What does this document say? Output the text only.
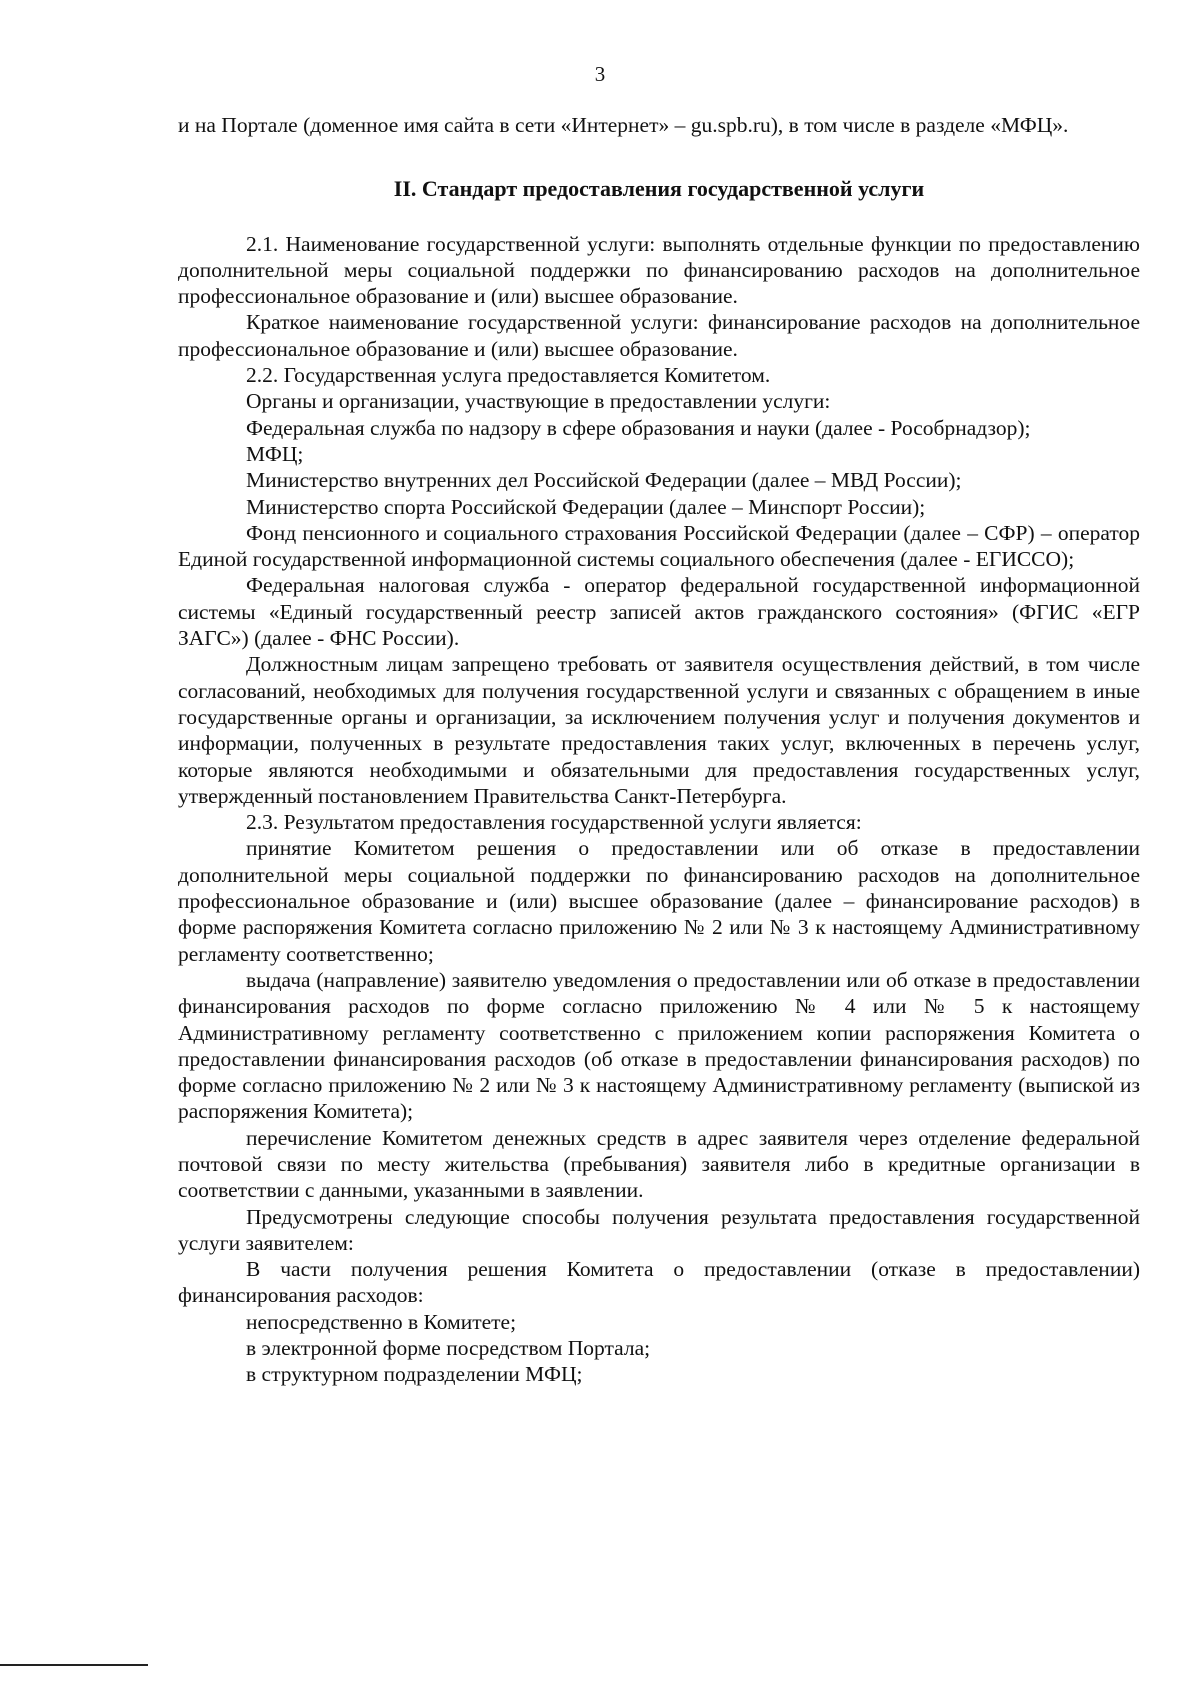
3

и на Портале (доменное имя сайта в сети «Интернет» – gu.spb.ru), в том числе в разделе «МФЦ».

II. Стандарт предоставления государственной услуги

2.1. Наименование государственной услуги: выполнять отдельные функции по предоставлению дополнительной меры социальной поддержки по финансированию расходов на дополнительное профессиональное образование и (или) высшее образование.

Краткое наименование государственной услуги: финансирование расходов на дополнительное профессиональное образование и (или) высшее образование.

2.2. Государственная услуга предоставляется Комитетом.

Органы и организации, участвующие в предоставлении услуги:

Федеральная служба по надзору в сфере образования и науки (далее - Рособрнадзор);

МФЦ;

Министерство внутренних дел Российской Федерации (далее – МВД России);

Министерство спорта Российской Федерации (далее – Минспорт России);

Фонд пенсионного и социального страхования Российской Федерации (далее – СФР) – оператор Единой государственной информационной системы социального обеспечения (далее - ЕГИССО);

Федеральная налоговая служба - оператор федеральной государственной информационной системы «Единый государственный реестр записей актов гражданского состояния» (ФГИС «ЕГР ЗАГС») (далее - ФНС России).

Должностным лицам запрещено требовать от заявителя осуществления действий, в том числе согласований, необходимых для получения государственной услуги и связанных с обращением в иные государственные органы и организации, за исключением получения услуг и получения документов и информации, полученных в результате предоставления таких услуг, включенных в перечень услуг, которые являются необходимыми и обязательными для предоставления государственных услуг, утвержденный постановлением Правительства Санкт-Петербурга.

2.3. Результатом предоставления государственной услуги является:

принятие Комитетом решения о предоставлении или об отказе в предоставлении дополнительной меры социальной поддержки по финансированию расходов на дополнительное профессиональное образование и (или) высшее образование (далее – финансирование расходов) в форме распоряжения Комитета согласно приложению № 2 или № 3 к настоящему Административному регламенту соответственно;

выдача (направление) заявителю уведомления о предоставлении или об отказе в предоставлении финансирования расходов по форме согласно приложению № 4 или № 5 к настоящему Административному регламенту соответственно с приложением копии распоряжения Комитета о предоставлении финансирования расходов (об отказе в предоставлении финансирования расходов) по форме согласно приложению № 2 или № 3 к настоящему Административному регламенту (выпиской из распоряжения Комитета);

перечисление Комитетом денежных средств в адрес заявителя через отделение федеральной почтовой связи по месту жительства (пребывания) заявителя либо в кредитные организации в соответствии с данными, указанными в заявлении.

Предусмотрены следующие способы получения результата предоставления государственной услуги заявителем:

В части получения решения Комитета о предоставлении (отказе в предоставлении) финансирования расходов:

непосредственно в Комитете;

в электронной форме посредством Портала;

в структурном подразделении МФЦ;
